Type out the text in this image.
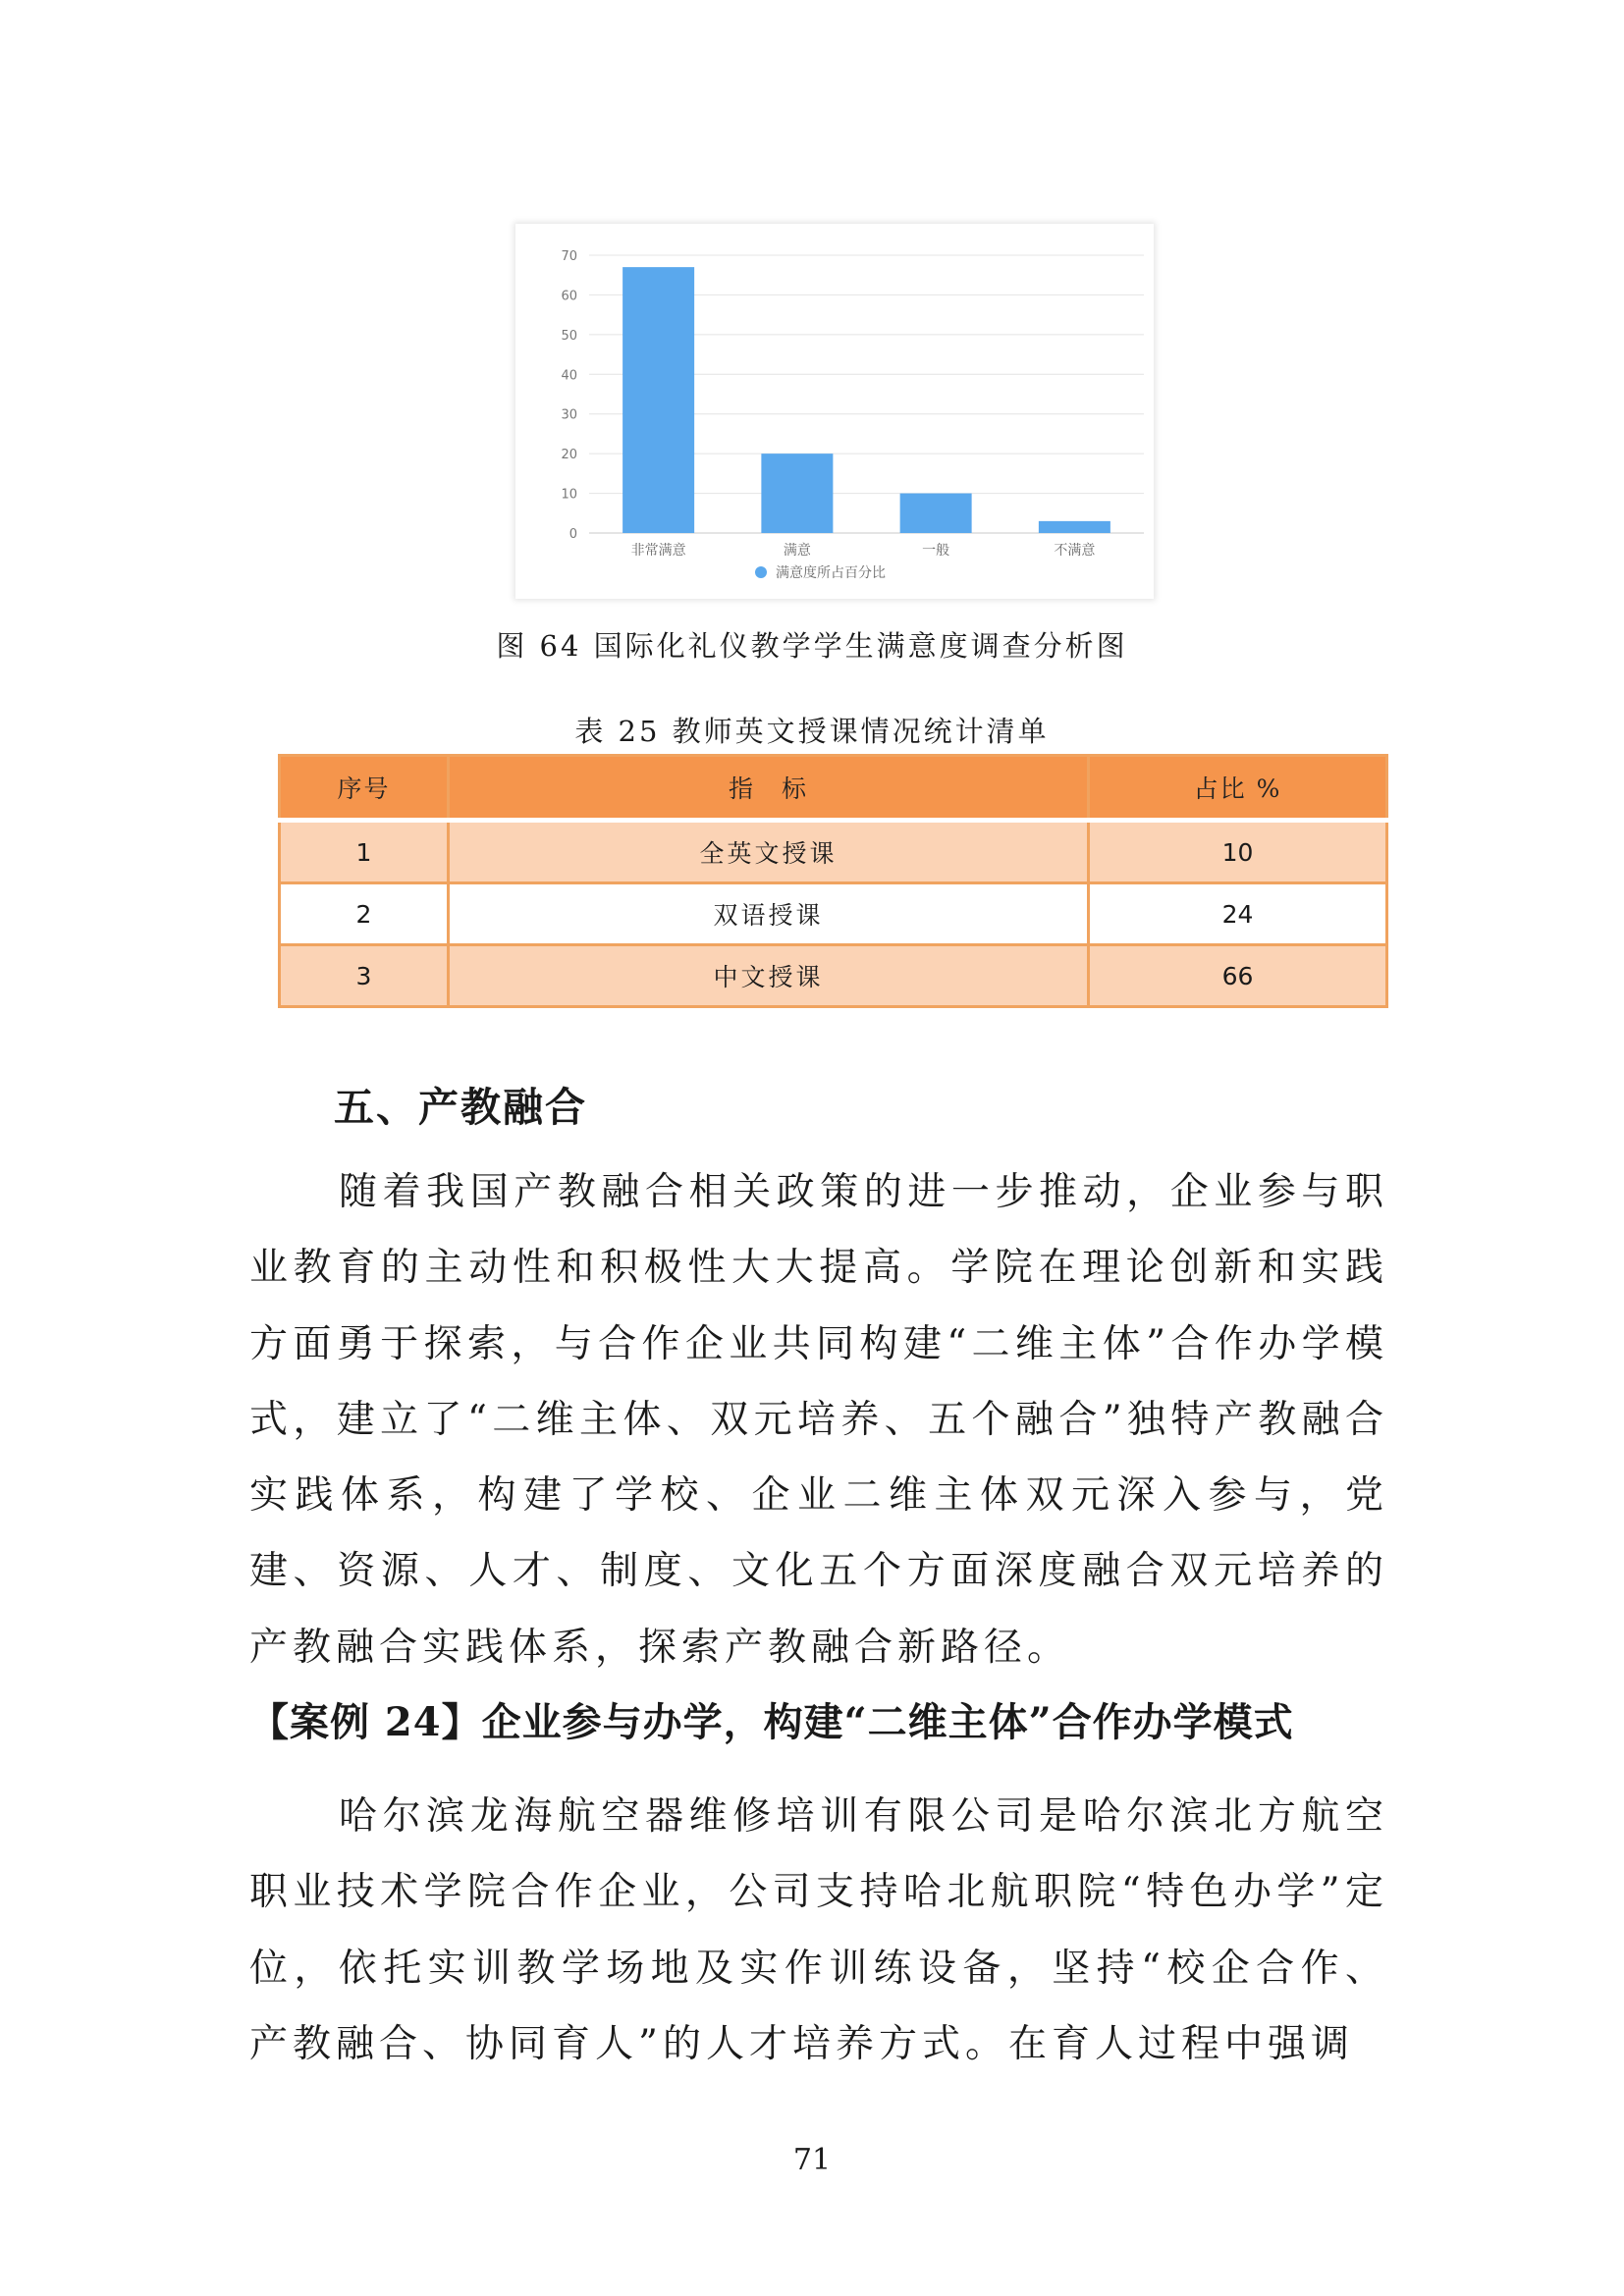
0
10
20
30
40
50
60
70
非常满意	满意	一般	不满意
满意度所占百分比
图 64 国际化礼仪教学学生满意度调查分析图
表 25 教师英文授课情况统计清单
序号	指　标	占比 %
1	全英文授课	10
2	双语授课	24
3	中文授课	66
五、产教融合

随着我国产教融合相关政策的进一步推动，企业参与职业教育的主动性和积极性大大提高。学院在理论创新和实践方面勇于探索，与合作企业共同构建“二维主体”合作办学模式，建立了“二维主体、双元培养、五个融合”独特产教融合实践体系，构建了学校、企业二维主体双元深入参与，党建、资源、人才、制度、文化五个方面深度融合双元培养的产教融合实践体系，探索产教融合新路径。

【案例 24】企业参与办学，构建“二维主体”合作办学模式

哈尔滨龙海航空器维修培训有限公司是哈尔滨北方航空职业技术学院合作企业，公司支持哈北航职院“特色办学”定位，依托实训教学场地及实作训练设备，坚持“校企合作、产教融合、协同育人”的人才培养方式。在育人过程中强调

71
